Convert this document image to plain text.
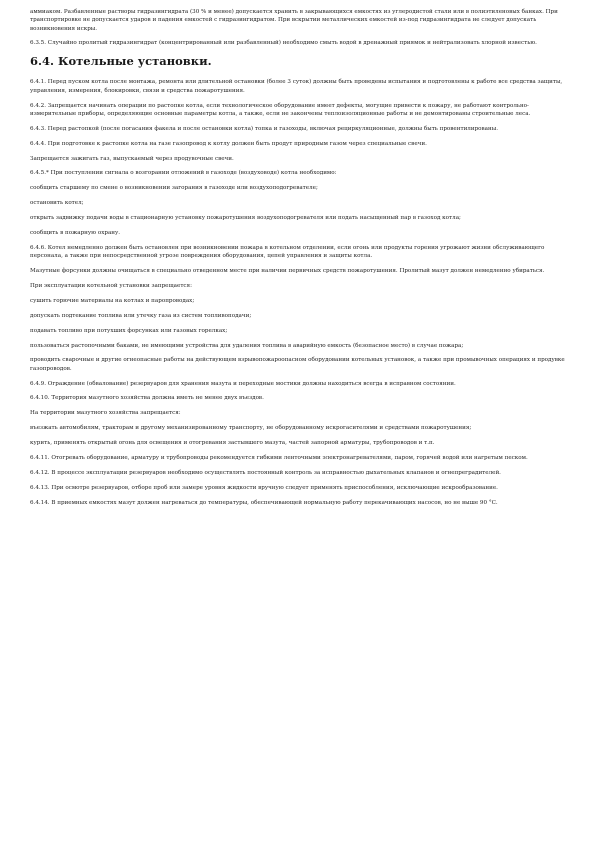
аммиаком. Разбавленные растворы гидразингидрата (30 % и менее) допускается хранить в закрывающихся емкостях из углеродистой стали или в полиэтиленовых банках. При транспортировке не допускается ударов и падения емкостей с гидразингидратом. При вскрытии металлических емкостей из-под гидразингидрата не следует допускать возникновения искры.

6.3.5. Случайно пролитый гидразингидрат (концентрированный или разбавленный) необходимо смыть водой в дренажный приямок и нейтрализовать хлорной известью.

6.4. Котельные установки.

6.4.1. Перед пуском котла после монтажа, ремонта или длительной остановки (более 3 суток) должны быть проведены испытания и подготовлены к работе все средства защиты, управления, измерения, блокировки, связи и средства пожаротушения.

6.4.2. Запрещается начинать операции по растопке котла, если технологическое оборудование имеет дефекты, могущие привести к пожару, не работают контрольно-измерительные приборы, определяющие основные параметры котла, а также, если не закончены теплоизоляционные работы и не демонтированы строительные леса.

6.4.3. Перед растопкой (после погасания факела и после остановки котла) топка и газоходы, включая рециркуляционные, должны быть провентилированы.

6.4.4. При подготовке к растопке котла на газе газопровод к котлу должен быть продут природным газом через специальные свечи.

Запрещается зажигать газ, выпускаемый через продувочные свечи.

6.4.5.* При поступлении сигнала о возгорании отложений в газоходе (воздуховоде) котла необходимо:

сообщить старшему по смене о возникновении загорания в газоходе или воздухоподогревателе;

остановить котел;

открыть задвижку подачи воды в стационарную установку пожаротушения воздухоподогревателя или подать насыщенный пар в газоход котла;

сообщить в пожарную охрану.

6.4.6. Котел немедленно должен быть остановлен при возникновении пожара в котельном отделении, если огонь или продукты горения угрожают жизни обслуживающего персонала, а также при непосредственной угрозе повреждения оборудования, цепей управления и защиты котла.

Мазутные форсунки должны очищаться в специально отведенном месте при наличии первичных средств пожаротушения. Пролитый мазут должен немедленно убираться.

При эксплуатации котельной установки запрещается:

сушить горючие материалы на котлах и паропроводах;

допускать подтекание топлива или утечку газа из систем топливоподачи;

подавать топливо при потухших форсунках или газовых горелках;

пользоваться растопочными баками, не имеющими устройства для удаления топлива в аварийную емкость (безопасное место) в случае пожара;

проводить сварочные и другие огнеопасные работы на действующем взрывопожароопасном оборудовании котельных установок, а также при промывочных операциях и продувке газопроводов.

6.4.9. Ограждение (обвалование) резервуаров для хранения мазута и переходные мостики должны находиться всегда в исправном состоянии.

6.4.10. Территория мазутного хозяйства должна иметь не менее двух въездов.

На территории мазутного хозяйства запрещается:

въезжать автомобилям, тракторам и другому механизированному транспорту, не оборудованному искрогасителями и средствами пожаротушения;

курить, применять открытый огонь для освещения и отогревания застывшего мазута, частей запорной арматуры, трубопроводов и т.п.

6.4.11. Отогревать оборудование, арматуру и трубопроводы рекомендуется гибкими ленточными электронагревателями, паром, горячей водой или нагретым песком.

6.4.12. В процессе эксплуатации резервуаров необходимо осуществлять постоянный контроль за исправностью дыхательных клапанов и огнепреградителей.

6.4.13. При осмотре резервуаров, отборе проб или замере уровня жидкости вручную следует применять приспособления, исключающие искрообразование.

6.4.14. В приемных емкостях мазут должен нагреваться до температуры, обеспечивающей нормальную работу перекачивающих насосов, но не выше 90 °С.
